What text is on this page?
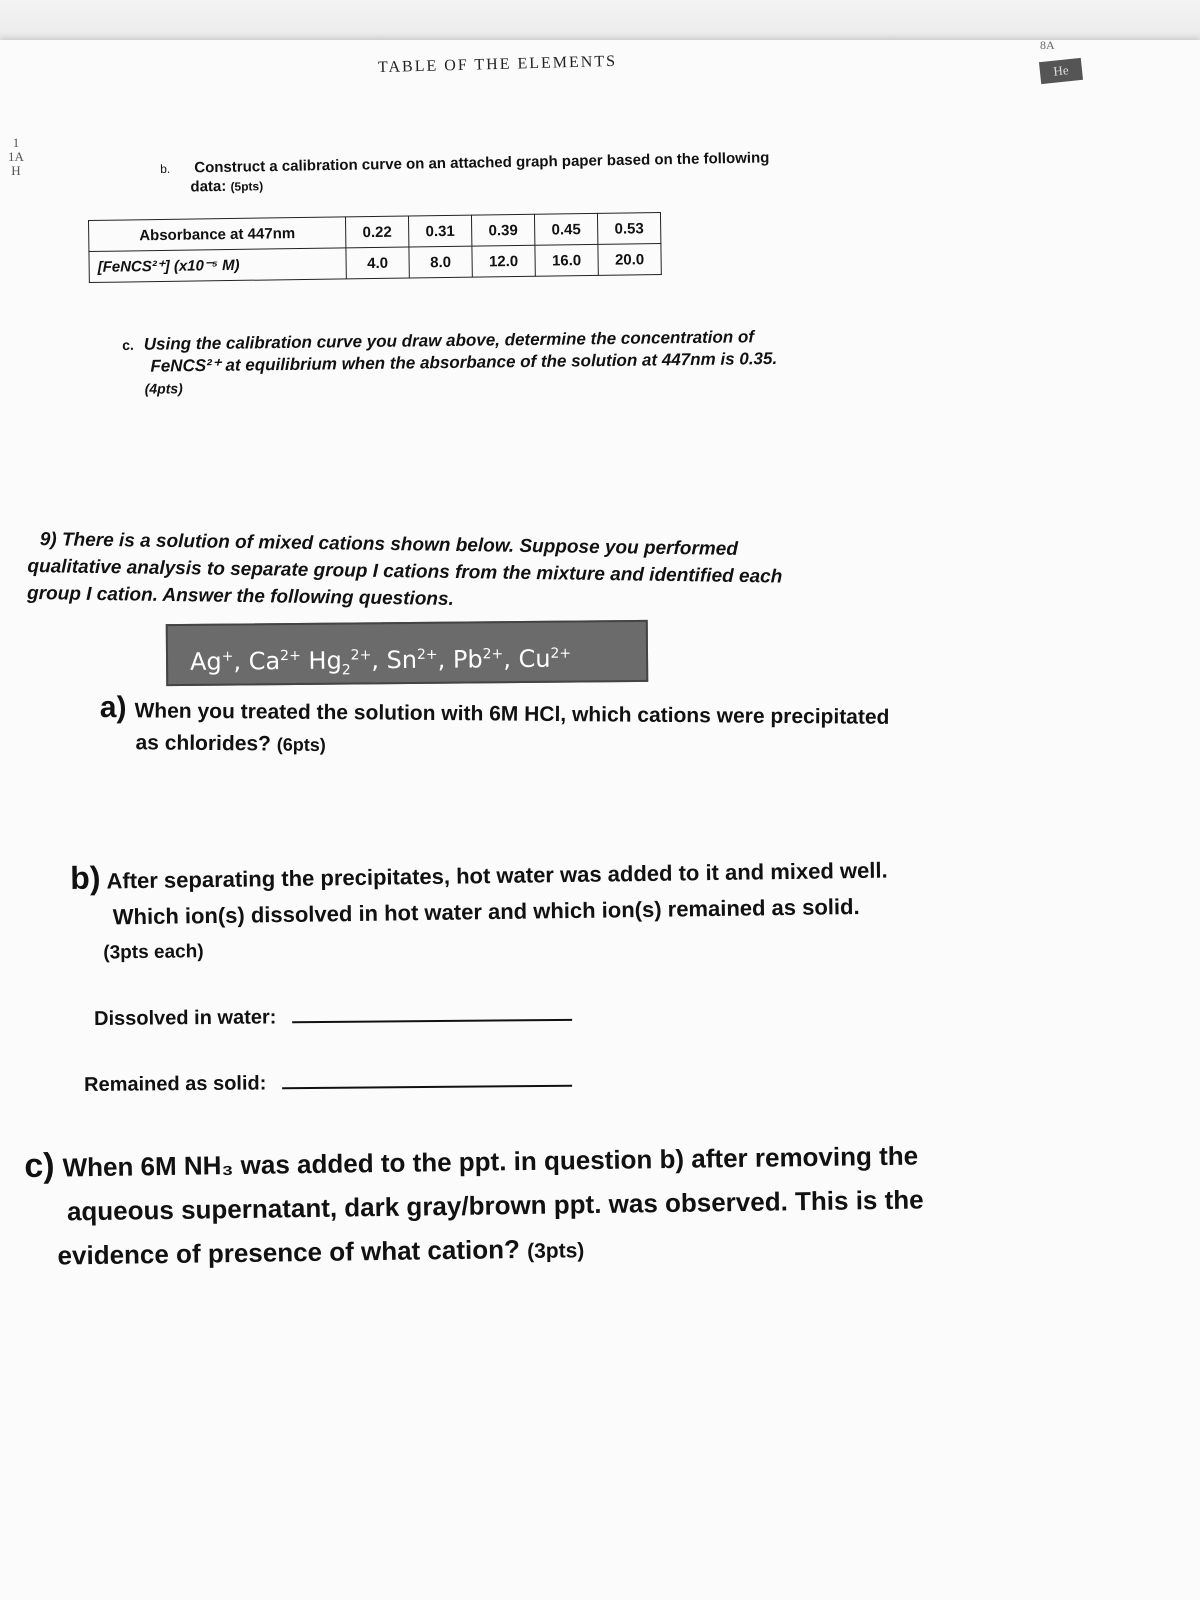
TABLE OF THE ELEMENTS
8A
He
1
1A
H	b. Construct a calibration curve on an attached graph paper based on the following
data: (5pts)
Absorbance at 447nm	0.22	0.31	0.39	0.45	0.53
[FeNCS²⁺] (x10⁻⁵ M)	4.0	8.0	12.0	16.0	20.0
c. Using the calibration curve you draw above, determine the concentration of
FeNCS²⁺ at equilibrium when the absorbance of the solution at 447nm is 0.35.
(4pts)
9) There is a solution of mixed cations shown below. Suppose you performed
qualitative analysis to separate group I cations from the mixture and identified each
group I cation. Answer the following questions.
Ag+, $Ca^{2+}$ $Hg_2^{2+}$, $Sn^{2+}$, $Pb^{2+}$, $Cu^{2+}$
a) When you treated the solution with 6M HCl, which cations were precipitated
as chlorides? (6pts)
b) After separating the precipitates, hot water was added to it and mixed well.
Which ion(s) dissolved in hot water and which ion(s) remained as solid.
(3pts each)
Dissolved in water:
Remained as solid:
c) When 6M NH₃ was added to the ppt. in question b) after removing the
aqueous supernatant, dark gray/brown ppt. was observed. This is the
evidence of presence of what cation? (3pts)
